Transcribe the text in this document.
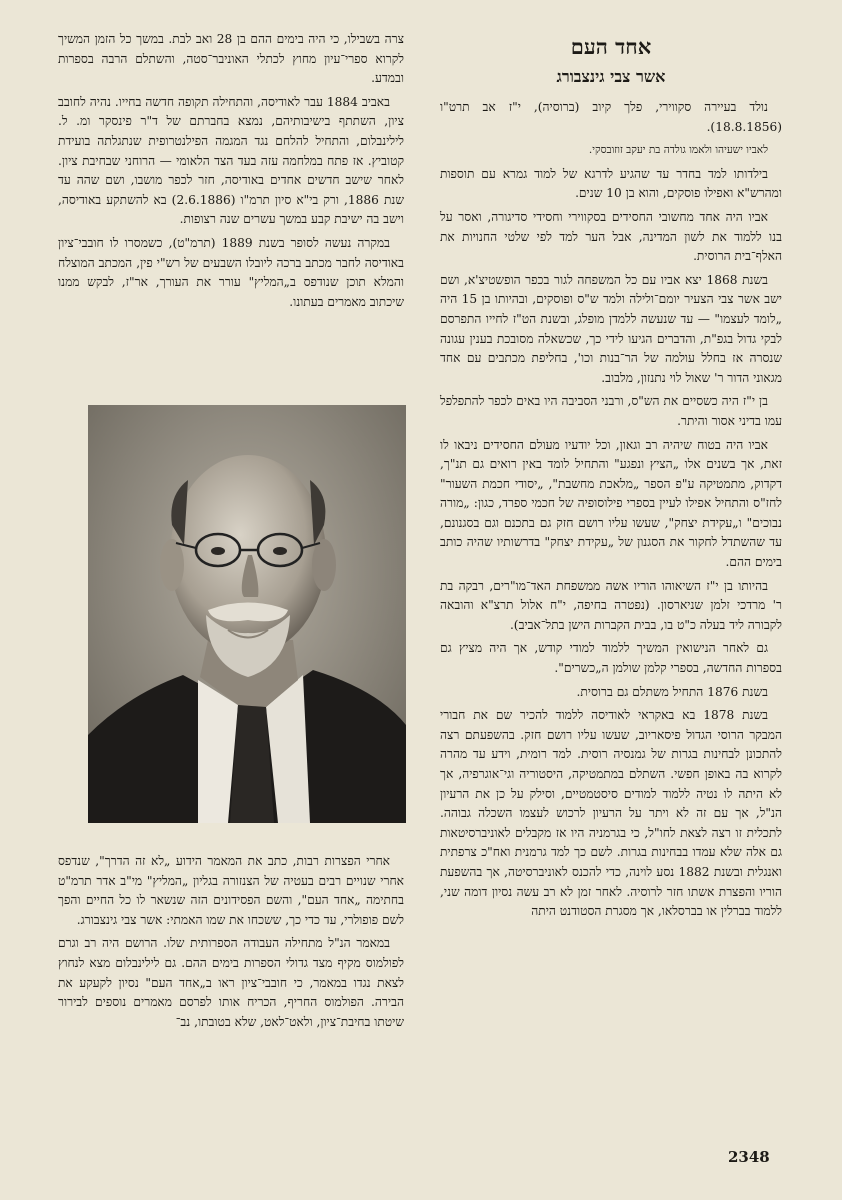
אחד העם
אשר צבי גינצבורג

נולד בעיירה סקווירי, פלך קיוב (ברוסיה), י"ז אב תרט"ו (18.8.1856).

לאביו ישעיהו ולאמו גולדה בת יעקב זוזובסקי.

בילדותו למד בחדר עד שהגיע לדרגא של למוד גמרא עם תוספות ומהרש"א ואפילו פוסקים, והוא בן 10 שנים.

אביו היה אחד מחשובי החסידים בסקווירי וחסידי סדיגורה, ואסר על בנו ללמוד את לשון המדינה, אבל הער למד לפי שלטי החנויות את האלף־בית הרוסית.

בשנת 1868 יצא אביו עם כל המשפחה לגור בכפר הופשטיצ'א, ושם ישב אשר צבי הצעיר יומם־ולילה ולמד ש"ס ופוסקים, ובהיותו בן 15 היה „לומד לעצמו" — עד שנעשה ללמדן מופלג, ובשנת הט"ז לחייו התפרסם לבקי גדול בגפ"ת, והדברים הגיעו לידי כך, שכשאלה מסובכת בענין עגונה שנסרה אז בחלל עולמה של הר־בנות וכו', בחליפת מכתבים עם אחד מגאוני הדור ר' שאול לוי נתנזון, מלבוב.

בן י"ז היה כשסיים את הש"ס, ורבני הסביבה היו באים לכפר להתפלפל עמו בדיני אסור והיתר.

אביו היה בטוח שיהיה רב וגאון, וכל יודעיו מעולם החסידים ניבאו לו זאת, אך בשנים אלו „הציץ ונפגע" והתחיל לומד באין רואים גם תנ"ך, דקדוק, מתמטיקה ע"פ הספר „מלאכת מחשבת", „יסודי חכמת השעור" לחז"ס והתחיל אפילו לעיין בספרי פילוסופיה של חכמי ספרד, כגון: „מורה נבוכים" ו„עקידת יצחק", שעשו עליו רושם חזק גם בתכנם וגם בסגנונם, עד שהשתדל לחקור את הסגנון של „עקידת יצחק" בדרשותיו שהיה כותב בימים ההם.

בהיותו בן י"ז השיאוהו הוריו אשה ממשפחת האד־מו"רים, רבקה בת ר' מרדכי זלמן שניארסון. (נפטרה בחיפה, י"ח אלול תרצ"א והובאה לקבורה ליד בעלה כ"ט בו, בבית הקברות הישן בתל־אביב).

גם לאחר הנישואין המשיך ללמוד למודי קודש, אך היה מציץ גם בספרות החדשה, בספרי קלמן שולמן ה„כשרים".

בשנת 1876 התחיל משתלם גם ברוסית.

בשנת 1878 בא באקראי לאודיסה ללמוד להכיר שם את חבורי המבקר הרוסי הגדול פיסאריוב, שעשו עליו רושם חזק. בהשפעתם רצה להתכונן לבחינות בגרות של גמנסיה רוסית. למד רומית, וידע עד מהרה לקרוא בה באופן חפשי. השתלם במתמטיקה, היסטוריה וגי־אוגרפיה, אך לא היתה לו נטיה ללמוד למודים סיסטמטיים, וסילק על כן את הרעיון הנ"ל, אך עם זה לא ויתר על הרעיון לרכוש לעצמו השכלה גבוהה. לתכלית זו רצה לצאת לחו"ל, כי בגרמניה היו אז מקבלים לאוניברסיטאות גם אלה שלא עמדו בבחינות בגרות. לשם כך למד גרמנית ואח"כ צרפתית ואנגלית ובשנת 1882 נסע לוינה, כדי להכנס לאוניברסיטה, אך בהשפעת הוריו והפצרת אשתו חזר לרוסיה. לאחר זמן לא רב עשה נסיון דומה שני, ללמוד בברלין או בברסלאו, אך מסגרת הסטודנט היתה

צרה בשבילו, כי היה בימים ההם בן 28 ואב לבת. במשך כל הזמן המשיך לקרוא ספרי־עיון מחוץ לכתלי האוניבר־סטה, והשתלם הרבה בספרות ובמדע.

באביב 1884 עבר לאודיסה, והתחילה תקופה חדשה בחייו. נהיה לחובב ציון, השתתף בישיבותיהם, נמצא בחברתם של ד"ר פינסקר ומ. ל. לילינבלום, והתחיל להלחם נגד המגמה הפילנטרופית שנתגלתה בועידת קטוביץ. אז פתח במלחמה עזה בעד הצד הלאומי — הרוחני שבחיבת ציון. לאחר שישב חדשים אחדים באודיסה, חזר לכפר מושבו, ושם שהה עד שנת 1886, ורק בי"א סיון תרמ"ו (2.6.1886) בא להשתקע באודיסה, וישב בה ישיבת קבע במשך עשרים שנה רצופות.

במקרה נעשה לסופר בשנת 1889 (תרמ"ט), כשמסרו לו חובבי־ציון באודיסה לחבר מכתב ברכה ליובלו השבעים של רש"י פין, המכתב המוצלח והמלא תוכן שנודפס ב„המליץ" עורר את העורך, אר"ז, לבקש ממנו שיכתוב מאמרים בעתונו.

אחרי הפצרות רבות, כתב את המאמר הידוע „לא זה הדרך", שנדפס אחרי שנויים רבים בעטיה של הצנזורה בגליון „המליץ" מי"ב אדר תרמ"ט בחתימה „אחד העם", והשם הפסידונים הזה שנשאר לו כל החיים והפך לשם פופולרי, עד כדי כך, ששכחו את שמו האמתי: אשר צבי גינצבורג.

במאמר הנ"ל מתחילה העבודה הספרותית שלו. הרושם היה רב וגרם לפולמוס מקיף מצד גדולי הספרות בימים ההם. גם לילינבלום מצא לנחוץ לצאת נגדו במאמר, כי חובבי־ציון ראו ב„אחד העם" נסיון לקעקע את הבירה. הפולמוס החריף, הכריח אותו לפרסם מאמרים נוספים לבירור שיטתו בחיבת־ציון, ולאט־לאט, שלא בטובתו, נב־

2348
